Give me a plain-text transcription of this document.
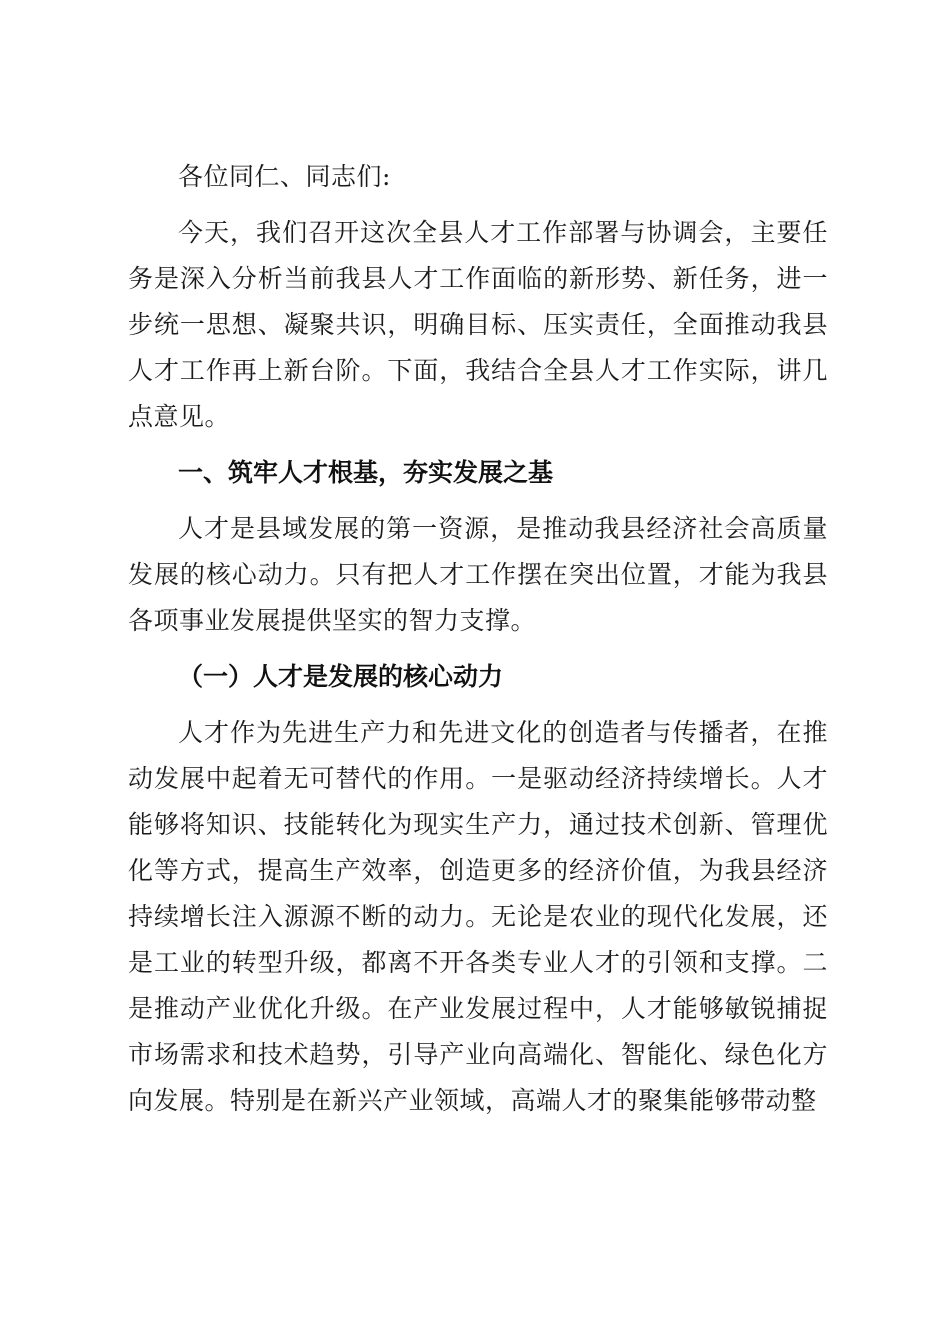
各位同仁、同志们:

今天，我们召开这次全县人才工作部署与协调会，主要任务是深入分析当前我县人才工作面临的新形势、新任务，进一步统一思想、凝聚共识，明确目标、压实责任，全面推动我县人才工作再上新台阶。下面，我结合全县人才工作实际，讲几点意见。

一、筑牢人才根基，夯实发展之基

人才是县域发展的第一资源，是推动我县经济社会高质量发展的核心动力。只有把人才工作摆在突出位置，才能为我县各项事业发展提供坚实的智力支撑。

（一）人才是发展的核心动力

人才作为先进生产力和先进文化的创造者与传播者，在推动发展中起着无可替代的作用。一是驱动经济持续增长。人才能够将知识、技能转化为现实生产力，通过技术创新、管理优化等方式，提高生产效率，创造更多的经济价值，为我县经济持续增长注入源源不断的动力。无论是农业的现代化发展，还是工业的转型升级，都离不开各类专业人才的引领和支撑。二是推动产业优化升级。在产业发展过程中，人才能够敏锐捕捉市场需求和技术趋势，引导产业向高端化、智能化、绿色化方向发展。特别是在新兴产业领域，高端人才的聚集能够带动整
